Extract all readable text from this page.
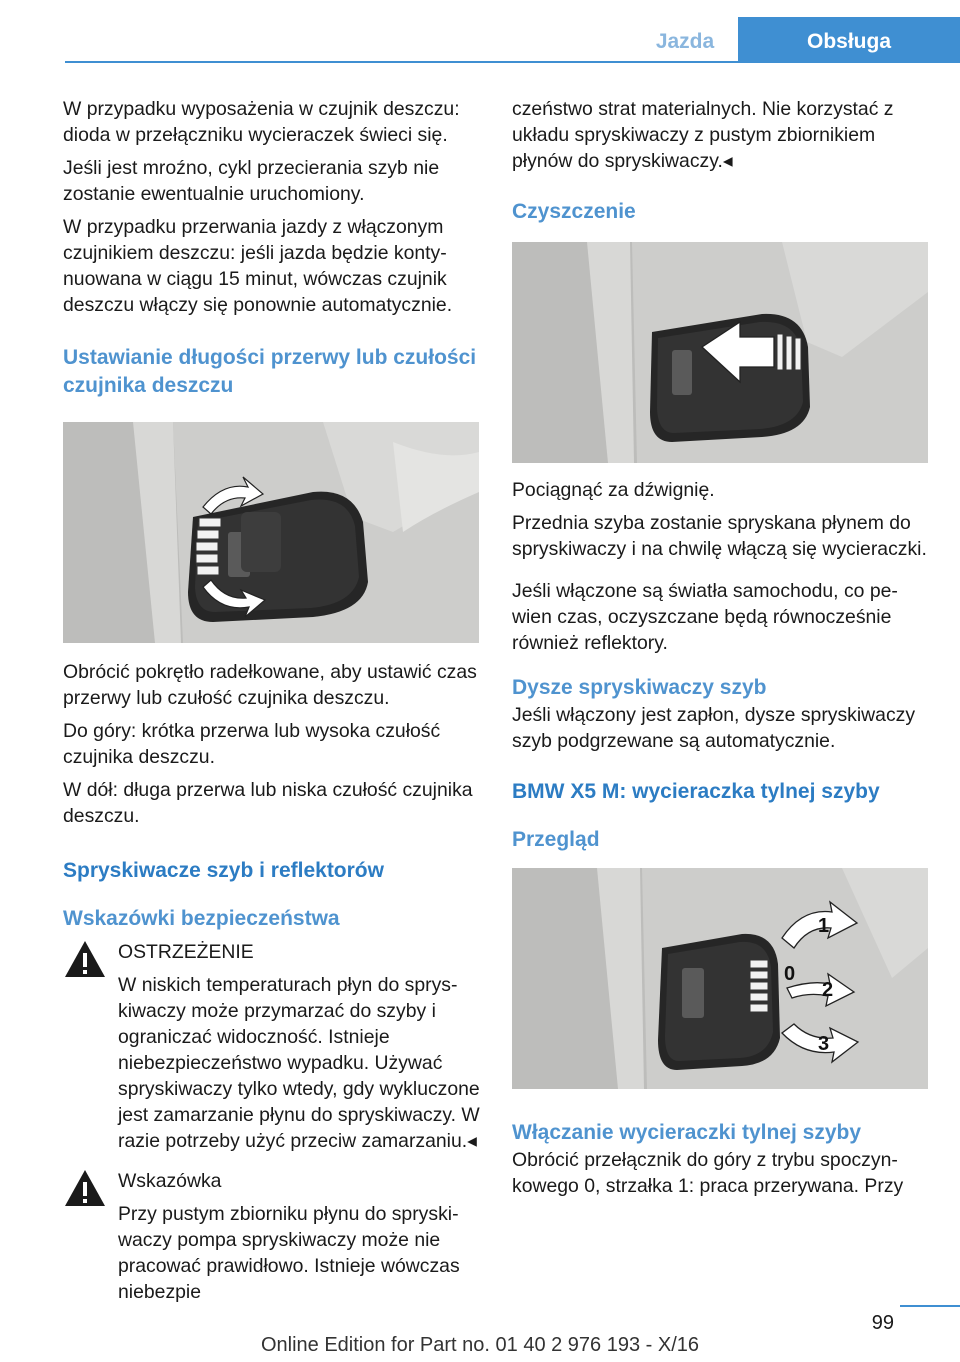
Jazda	Obsługa

W przypadku wyposażenia w czujnik deszczu: dioda w przełączniku wycieraczek świeci się.

Jeśli jest mroźno, cykl przecierania szyb nie zostanie ewentualnie uruchomiony.

W przypadku przerwania jazdy z włączonym czujnikiem deszczu: jeśli jazda będzie kontynuowana w ciągu 15 minut, wówczas czujnik deszczu włączy się ponownie automatycznie.

Ustawianie długości przerwy lub czułości czujnika deszczu

Obrócić pokrętło radełkowane, aby ustawić czas przerwy lub czułość czujnika deszczu.

Do góry: krótka przerwa lub wysoka czułość czujnika deszczu.

W dół: długa przerwa lub niska czułość czujnika deszczu.

Spryskiwacze szyb i reflektorów
Wskazówki bezpieczeństwa

OSTRZEŻENIE

W niskich temperaturach płyn do spryskiwaczy może przymarzać do szyby i ograniczać widoczność. Istnieje niebezpieczeństwo wypadku. Używać spryskiwaczy tylko wtedy, gdy wykluczone jest zamarzanie płynu do spryskiwaczy. W razie potrzeby użyć przeciw zamarzaniu.◂

Wskazówka

Przy pustym zbiorniku płynu do spryskiwaczy pompa spryskiwaczy może nie pracować prawidłowo. Istnieje wówczas niebezpie

czeństwo strat materialnych. Nie korzystać z układu spryskiwaczy z pustym zbiornikiem płynów do spryskiwaczy.◂

Czyszczenie

Pociągnąć za dźwignię.

Przednia szyba zostanie spryskana płynem do spryskiwaczy i na chwilę włączą się wycieraczki.

Jeśli włączone są światła samochodu, co pewien czas, oczyszczane będą równocześnie również reflektory.

Dysze spryskiwaczy szyb

Jeśli włączony jest zapłon, dysze spryskiwaczy szyb podgrzewane są automatycznie.

BMW X5 M: wycieraczka tylnej szyby
Przegląd
1
0
2
3
Włączanie wycieraczki tylnej szyby

Obrócić przełącznik do góry z trybu spoczynkowego 0, strzałka 1: praca przerywana. Przy

99
Online Edition for Part no. 01 40 2 976 193 - X/16
